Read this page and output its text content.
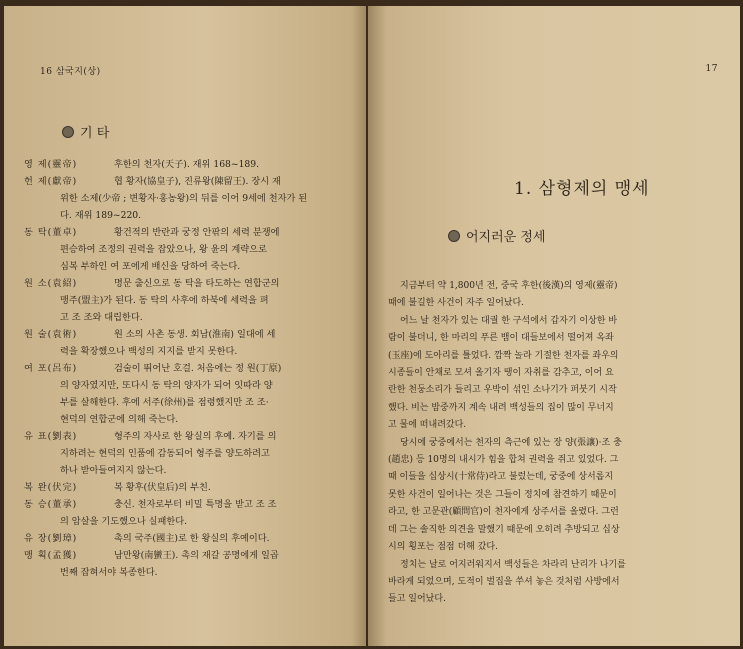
16 삼국지(상)
기 타
영 제(靈帝)	후한의 천자(天子). 재위 168~189.
헌 제(獻帝)	협 황자(協皇子), 진류왕(陳留王). 장시 재
위한 소제(少帝 ; 변황자·홍농왕)의 뒤를 이어 9세에 천자가 된
다. 재위 189~220.
동 탁(董卓)	황건적의 반란과 궁정 안팎의 세력 분쟁에
편승하여 조정의 권력을 잡았으나, 왕 윤의 계략으로
심복 부하인 여 포에게 배신을 당하여 죽는다.
원 소(袁紹)	명문 출신으로 동 탁을 타도하는 연합군의
맹주(盟主)가 된다. 동 탁의 사후에 하북에 세력을 펴
고 조 조와 대립한다.
원 술(袁術)	원 소의 사촌 동생. 회남(淮南) 일대에 세
력을 확장했으나 백성의 지지를 받지 못한다.
여 포(呂布)	검술이 뛰어난 호걸. 처음에는 정 원(丁原)
의 양자였지만, 또다시 동 탁의 양자가 되어 잇따라 양
부를 살해한다. 후에 서주(徐州)를 점령했지만 조 조·
현덕의 연합군에 의해 죽는다.
유 표(劉表)	형주의 자사로 한 왕실의 후예. 자기를 의
지하려는 현덕의 인품에 감동되어 형주를 양도하려고
하나 받아들여지지 않는다.
복 완(伏完)	복 황후(伏皇后)의 부친.
동 승(董承)	충신. 천자로부터 비밀 특명을 받고 조 조
의 암살을 기도했으나 실패한다.
유 장(劉璋)	촉의 국주(國主)로 한 왕실의 후예이다.
맹 획(孟獲)	남만왕(南蠻王). 촉의 재갈 공명에게 일곱
번째 잡혀서야 복종한다.
17
1. 삼형제의 맹세
어지러운 정세
지금부터 약 1,800년 전, 중국 후한(後漢)의 영제(靈帝)
때에 불길한 사건이 자주 일어났다.
어느 날 천자가 있는 대궐 한 구석에서 갑자기 이상한 바
람이 불더니, 한 마리의 푸른 뱀이 대들보에서 떨어져 옥좌
(玉座)에 도아리를 틀었다. 깜짝 놀라 기절한 천자를 좌우의
시종들이 안채로 모셔 올기자 땡이 자취를 감추고, 이어 요
란한 천둥소리가 들리고 우박이 섞인 소나기가 퍼붓기 시작
했다. 비는 밤중까지 계속 내려 백성들의 집이 많이 무너지
고 물에 떠내려갔다.
당시에 궁중에서는 천자의 측근에 있는 장 양(張讓)·조 충
(趙忠) 등 10명의 내시가 힘을 합쳐 권력을 쥐고 있었다. 그
때 이들을 십상시(十常侍)라고 불렀는데, 궁중에 상서롭지
못한 사건이 일어나는 것은 그들이 정치에 참견하기 때문이
라고, 한 고문관(顧問官)이 천자에게 상주서를 올렸다. 그런
데 그는 솔직한 의견을 말했기 때문에 오히려 추방되고 십상
시의 횡포는 점점 더해 갔다.
정치는 날로 어지러워지서 백성들은 차라리 난리가 나기를
바라게 되었으며, 도적이 벌집을 쑤셔 놓은 것처럼 사방에서
들고 일어났다.
